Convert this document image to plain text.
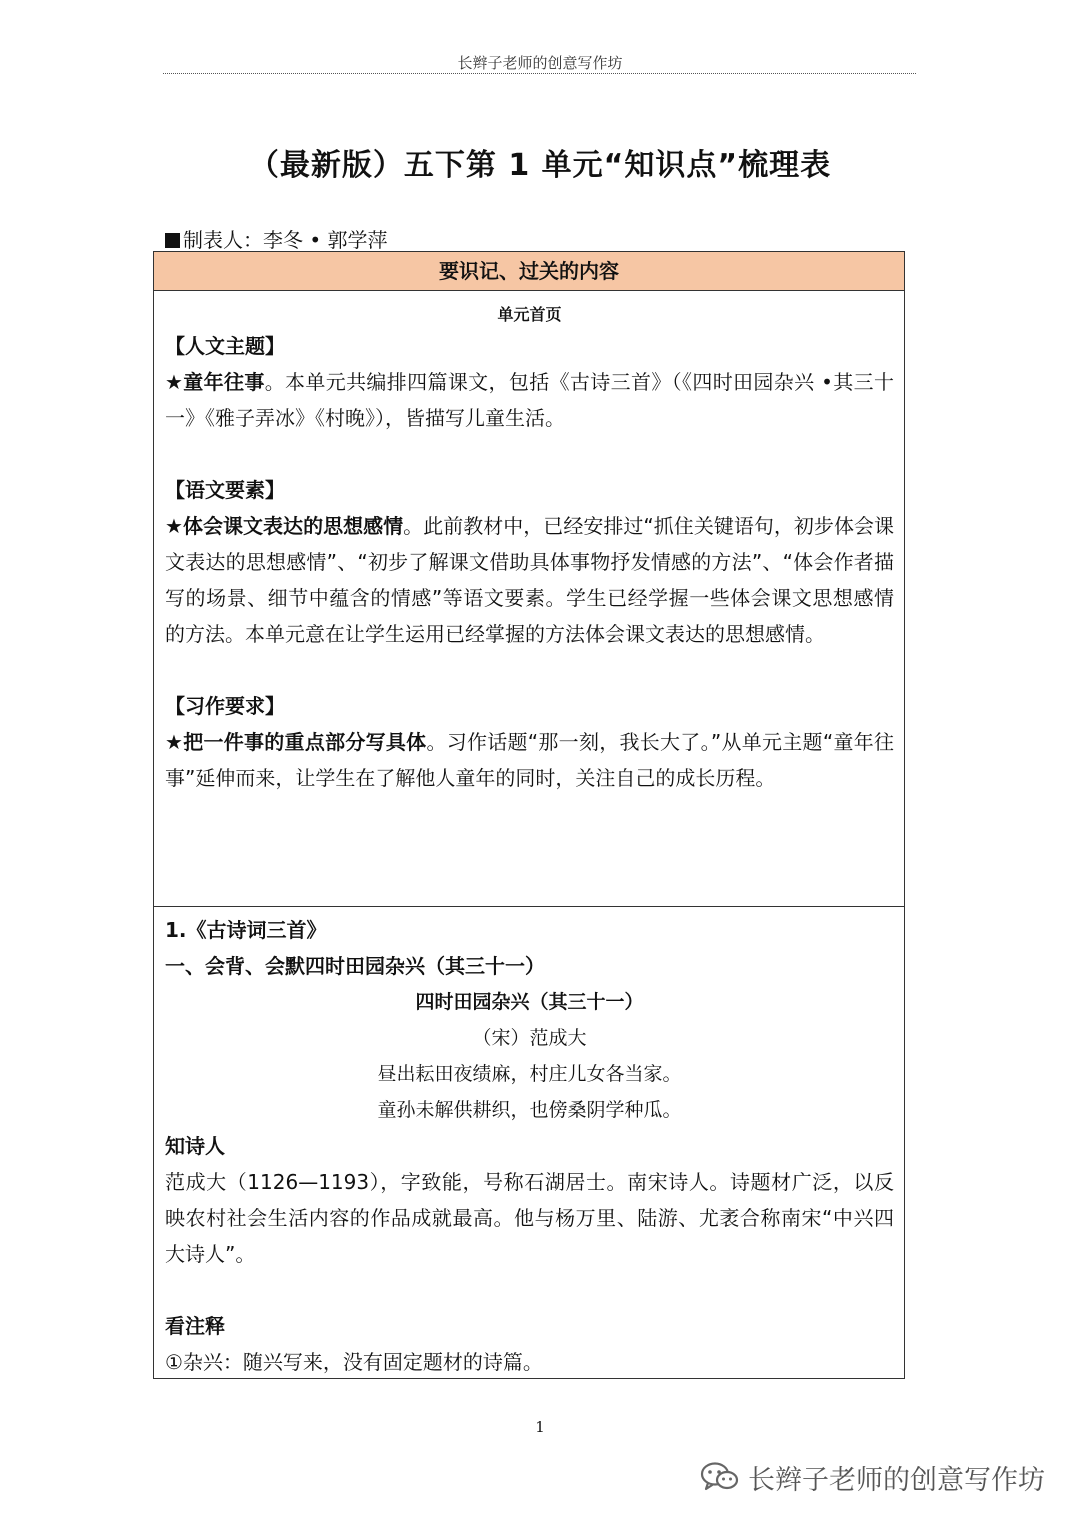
长辫子老师的创意写作坊
（最新版）五下第 1 单元“知识点”梳理表
制表人：李冬 • 郭学萍
要识记、过关的内容
单元首页
【人文主题】
★童年往事。本单元共编排四篇课文，包括《古诗三首》（《四时田园杂兴 •其三十一》《雅子弄冰》《村晚》），皆描写儿童生活。
【语文要素】
★体会课文表达的思想感情。此前教材中，已经安排过“抓住关键语句，初步体会课文表达的思想感情”、“初步了解课文借助具体事物抒发情感的方法”、“体会作者描写的场景、细节中蕴含的情感”等语文要素。学生已经学握一些体会课文思想感情的方法。本单元意在让学生运用已经掌握的方法体会课文表达的思想感情。
【习作要求】
★把一件事的重点部分写具体。习作话题“那一刻，我长大了。”从单元主题“童年往事”延伸而来，让学生在了解他人童年的同时，关注自己的成长历程。
1.《古诗词三首》
一、会背、会默四时田园杂兴（其三十一）
四时田园杂兴（其三十一）
（宋）范成大
昼出耘田夜绩麻，村庄儿女各当家。
童孙未解供耕织，也傍桑阴学种瓜。
知诗人
范成大（1126—1193），字致能，号称石湖居士。南宋诗人。诗题材广泛，以反映农村社会生活内容的作品成就最高。他与杨万里、陆游、尤袤合称南宋“中兴四大诗人”。
看注释
①杂兴：随兴写来，没有固定题材的诗篇。
1
长辫子老师的创意写作坊
